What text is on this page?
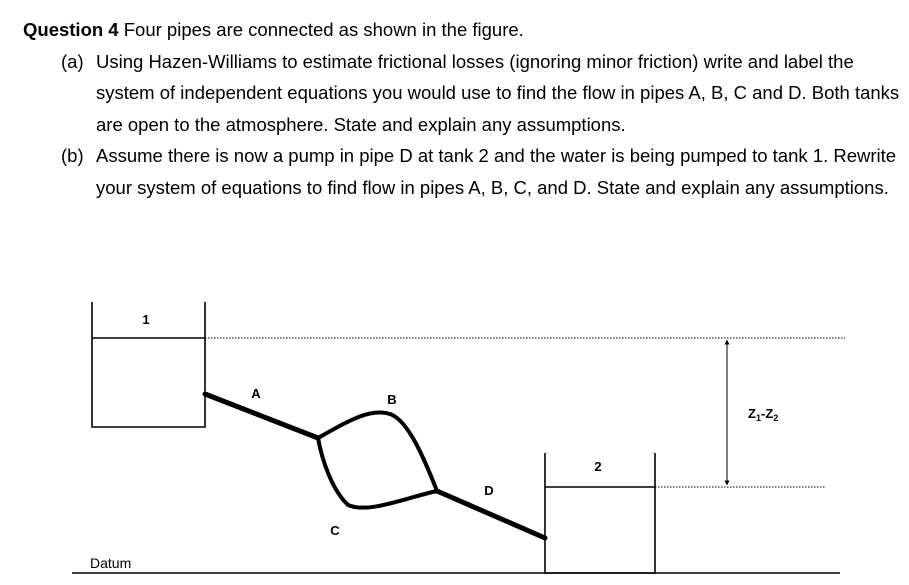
Question 4 Four pipes are connected as shown in the figure.

(a) Using Hazen-Williams to estimate frictional losses (ignoring minor friction) write and label the system of independent equations you would use to find the flow in pipes A, B, C and D. Both tanks are open to the atmosphere. State and explain any assumptions.
(b) Assume there is now a pump in pipe D at tank 2 and the water is being pumped to tank 1. Rewrite your system of equations to find flow in pipes A, B, C, and D. State and explain any assumptions.
1
2
$Z_1-Z_2$
A	B
C
D
Datum
